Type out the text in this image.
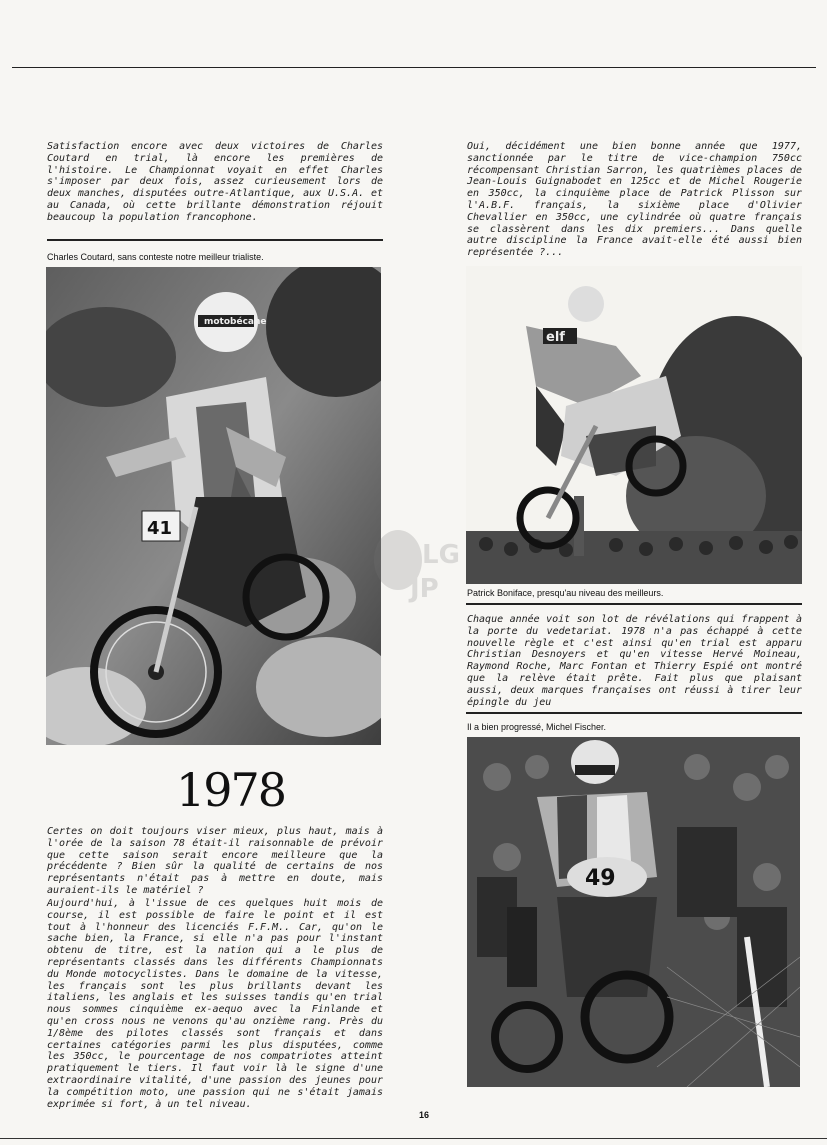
Satisfaction encore avec deux victoires de Charles Coutard en trial, là encore les premières de l'histoire. Le Championnat voyait en effet Charles s'imposer par deux fois, assez curieusement lors de deux manches, disputées outre-Atlantique, aux U.S.A. et au Canada, où cette brillante démonstration réjouit beaucoup la population francophone.

Charles Coutard, sans conteste notre meilleur trialiste.

motobécane
41

1978

Certes on doit toujours viser mieux, plus haut, mais à l'orée de la saison 78 était-il raisonnable de prévoir que cette saison serait encore meilleure que la précédente ? Bien sûr la qualité de certains de nos représentants n'était pas à mettre en doute, mais auraient-ils le matériel ?

Aujourd'hui, à l'issue de ces quelques huit mois de course, il est possible de faire le point et il est tout à l'honneur des licenciés F.F.M.. Car, qu'on le sache bien, la France, si elle n'a pas pour l'instant obtenu de titre, est la nation qui a le plus de représentants classés dans les différents Championnats du Monde motocyclistes. Dans le domaine de la vitesse, les français sont les plus brillants devant les italiens, les anglais et les suisses tandis qu'en trial nous sommes cinquième ex-aequo avec la Finlande et qu'en cross nous ne venons qu'au onzième rang. Près du 1/8ème des pilotes classés sont français et dans certaines catégories parmi les plus disputées, comme les 350cc, le pourcentage de nos compatriotes atteint pratiquement le tiers. Il faut voir là le signe d'une extraordinaire vitalité, d'une passion des jeunes pour la compétition moto, une passion qui ne s'était jamais exprimée si fort, à un tel niveau.

Oui, décidément une bien bonne année que 1977, sanctionnée par le titre de vice-champion 750cc récompensant Christian Sarron, les quatrièmes places de Jean-Louis Guignabodet en 125cc et de Michel Rougerie en 350cc, la cinquième place de Patrick Plisson sur l'A.B.F. français, la sixième place d'Olivier Chevallier en 350cc, une cylindrée où quatre français se classèrent dans les dix premiers... Dans quelle autre discipline la France avait-elle été aussi bien représentée ?...

elf

Patrick Boniface, presqu'au niveau des meilleurs.

Chaque année voit son lot de révélations qui frappent à la porte du vedetariat. 1978 n'a pas échappé à cette nouvelle règle et c'est ainsi qu'en trial est apparu Christian Desnoyers et qu'en vitesse Hervé Moineau, Raymond Roche, Marc Fontan et Thierry Espié ont montré que la relève était prête. Fait plus que plaisant aussi, deux marques françaises ont réussi à tirer leur épingle du jeu

Il a bien progressé, Michel Fischer.

49
LG
JP
16
